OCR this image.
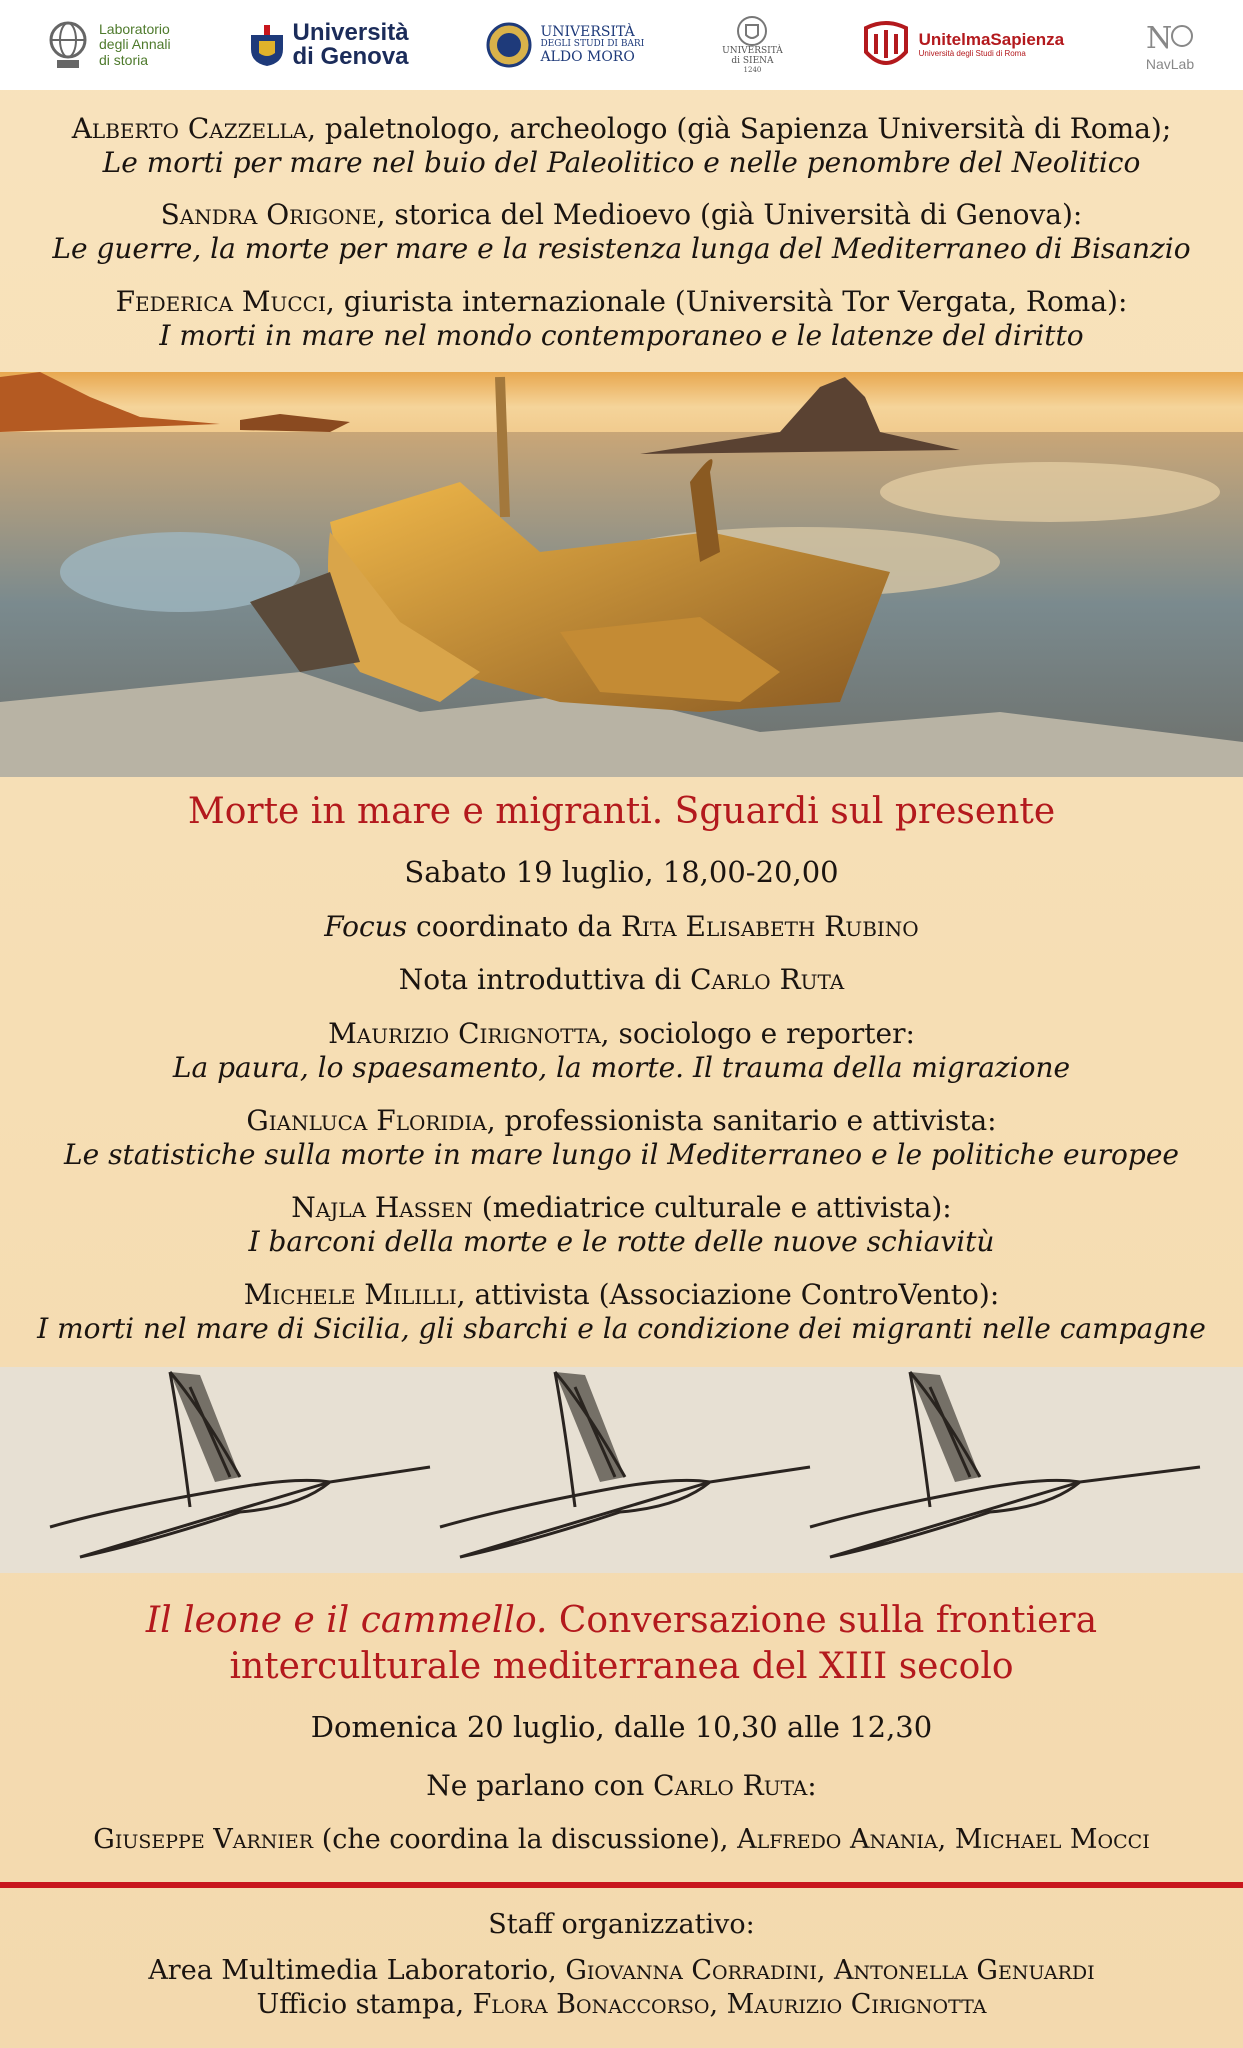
Laboratorio
degli Annali
di storia
Università
di Genova
UNIVERSITÀ
DEGLI STUDI DI BARI
ALDO MORO	UNIVERSITÀ
di SIENA
1240
UnitelmaSapienza
Università degli Studi di Roma	N
NavLab
Alberto Cazzella, paletnologo, archeologo (già Sapienza Università di Roma);
Le morti per mare nel buio del Paleolitico e nelle penombre del Neolitico
Sandra Origone, storica del Medioevo (già Università di Genova):
Le guerre, la morte per mare e la resistenza lunga del Mediterraneo di Bisanzio
Federica Mucci, giurista internazionale (Università Tor Vergata, Roma):
I morti in mare nel mondo contemporaneo e le latenze del diritto
Morte in mare e migranti. Sguardi sul presente
Sabato 19 luglio, 18,00-20,00
Focus coordinato da Rita Elisabeth Rubino
Nota introduttiva di Carlo Ruta
Maurizio Cirignotta, sociologo e reporter:
La paura, lo spaesamento, la morte. Il trauma della migrazione
Gianluca Floridia, professionista sanitario e attivista:
Le statistiche sulla morte in mare lungo il Mediterraneo e le politiche europee
Najla Hassen (mediatrice culturale e attivista):
I barconi della morte e le rotte delle nuove schiavitù
Michele Mililli, attivista (Associazione ControVento):
I morti nel mare di Sicilia, gli sbarchi e la condizione dei migranti nelle campagne
Il leone e il cammello. Conversazione sulla frontiera
interculturale mediterranea del XIII secolo
Domenica 20 luglio, dalle 10,30 alle 12,30
Ne parlano con Carlo Ruta:
Giuseppe Varnier (che coordina la discussione), Alfredo Anania, Michael Mocci
Staff organizzativo:
Area Multimedia Laboratorio, Giovanna Corradini, Antonella Genuardi
Ufficio stampa, Flora Bonaccorso, Maurizio Cirignotta
